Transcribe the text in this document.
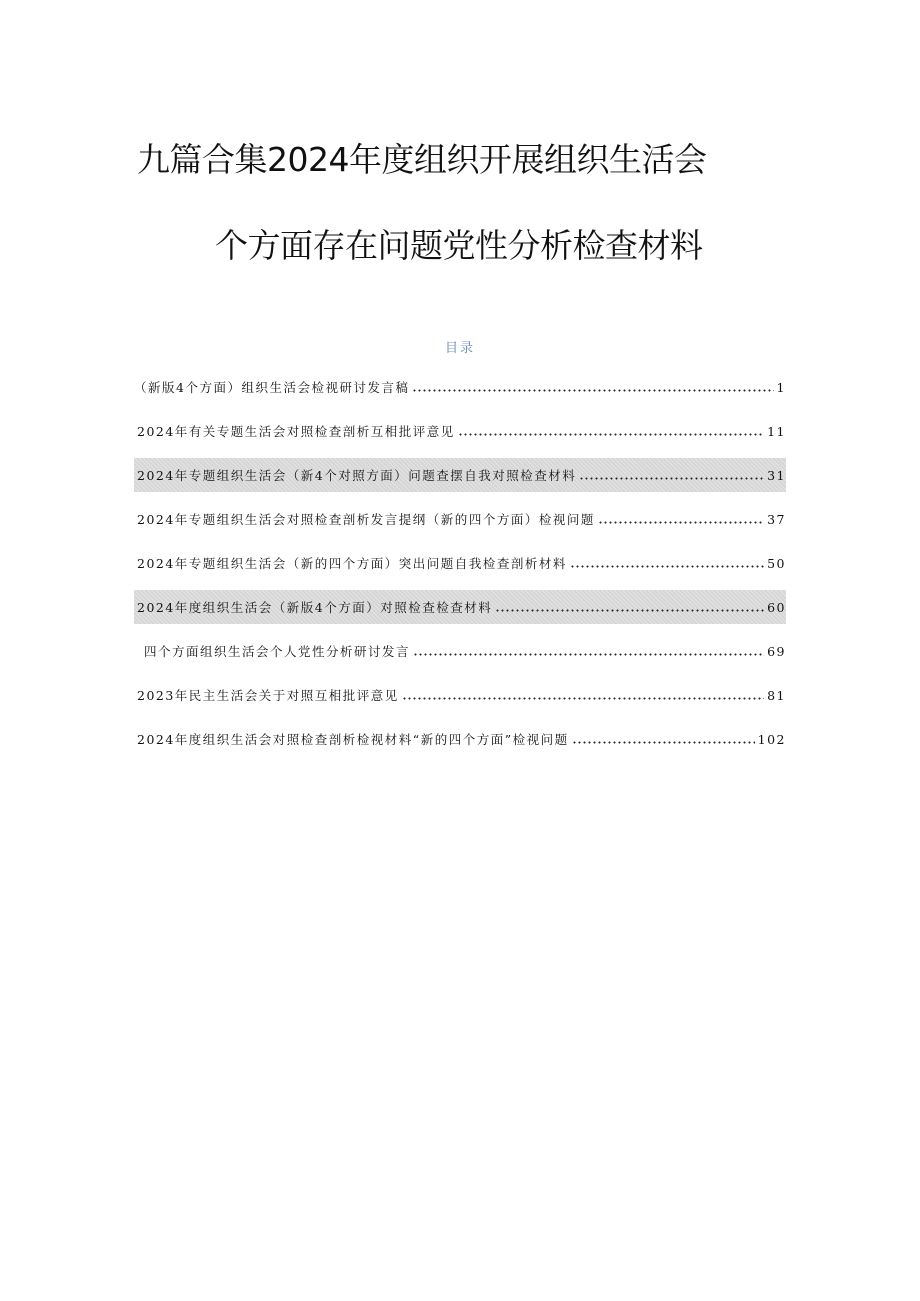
九篇合集2024年度组织开展组织生活会
个方面存在问题党性分析检查材料
目录
（新版4个方面）组织生活会检视研讨发言稿	1
2024年有关专题生活会对照检查剖析互相批评意见	11
2024年专题组织生活会（新4个对照方面）问题查摆自我对照检查材料	31
2024年专题组织生活会对照检查剖析发言提纲（新的四个方面）检视问题	37
2024年专题组织生活会（新的四个方面）突出问题自我检查剖析材料	50
2024年度组织生活会（新版4个方面）对照检查检查材料	60
四个方面组织生活会个人党性分析研讨发言	69
2023年民主生活会关于对照互相批评意见	81
2024年度组织生活会对照检查剖析检视材料“新的四个方面”检视问题	102
